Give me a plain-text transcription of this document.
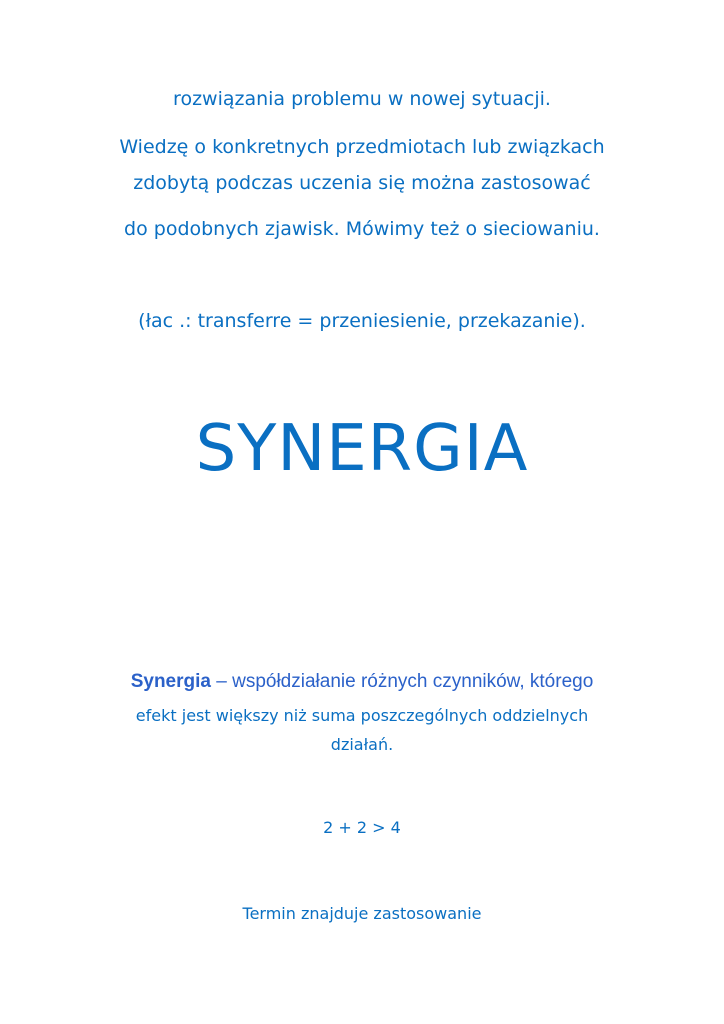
rozwiązania problemu w nowej sytuacji.
Wiedzę o konkretnych przedmiotach lub związkach
zdobytą podczas uczenia się można zastosować
do podobnych zjawisk. Mówimy też o sieciowaniu.
(łac .: transferre = przeniesienie, przekazanie).
SYNERGIA
Synergia – współdziałanie różnych czynników, którego
efekt jest większy niż suma poszczególnych oddzielnych
działań.
2 + 2 > 4
Termin znajduje zastosowanie
